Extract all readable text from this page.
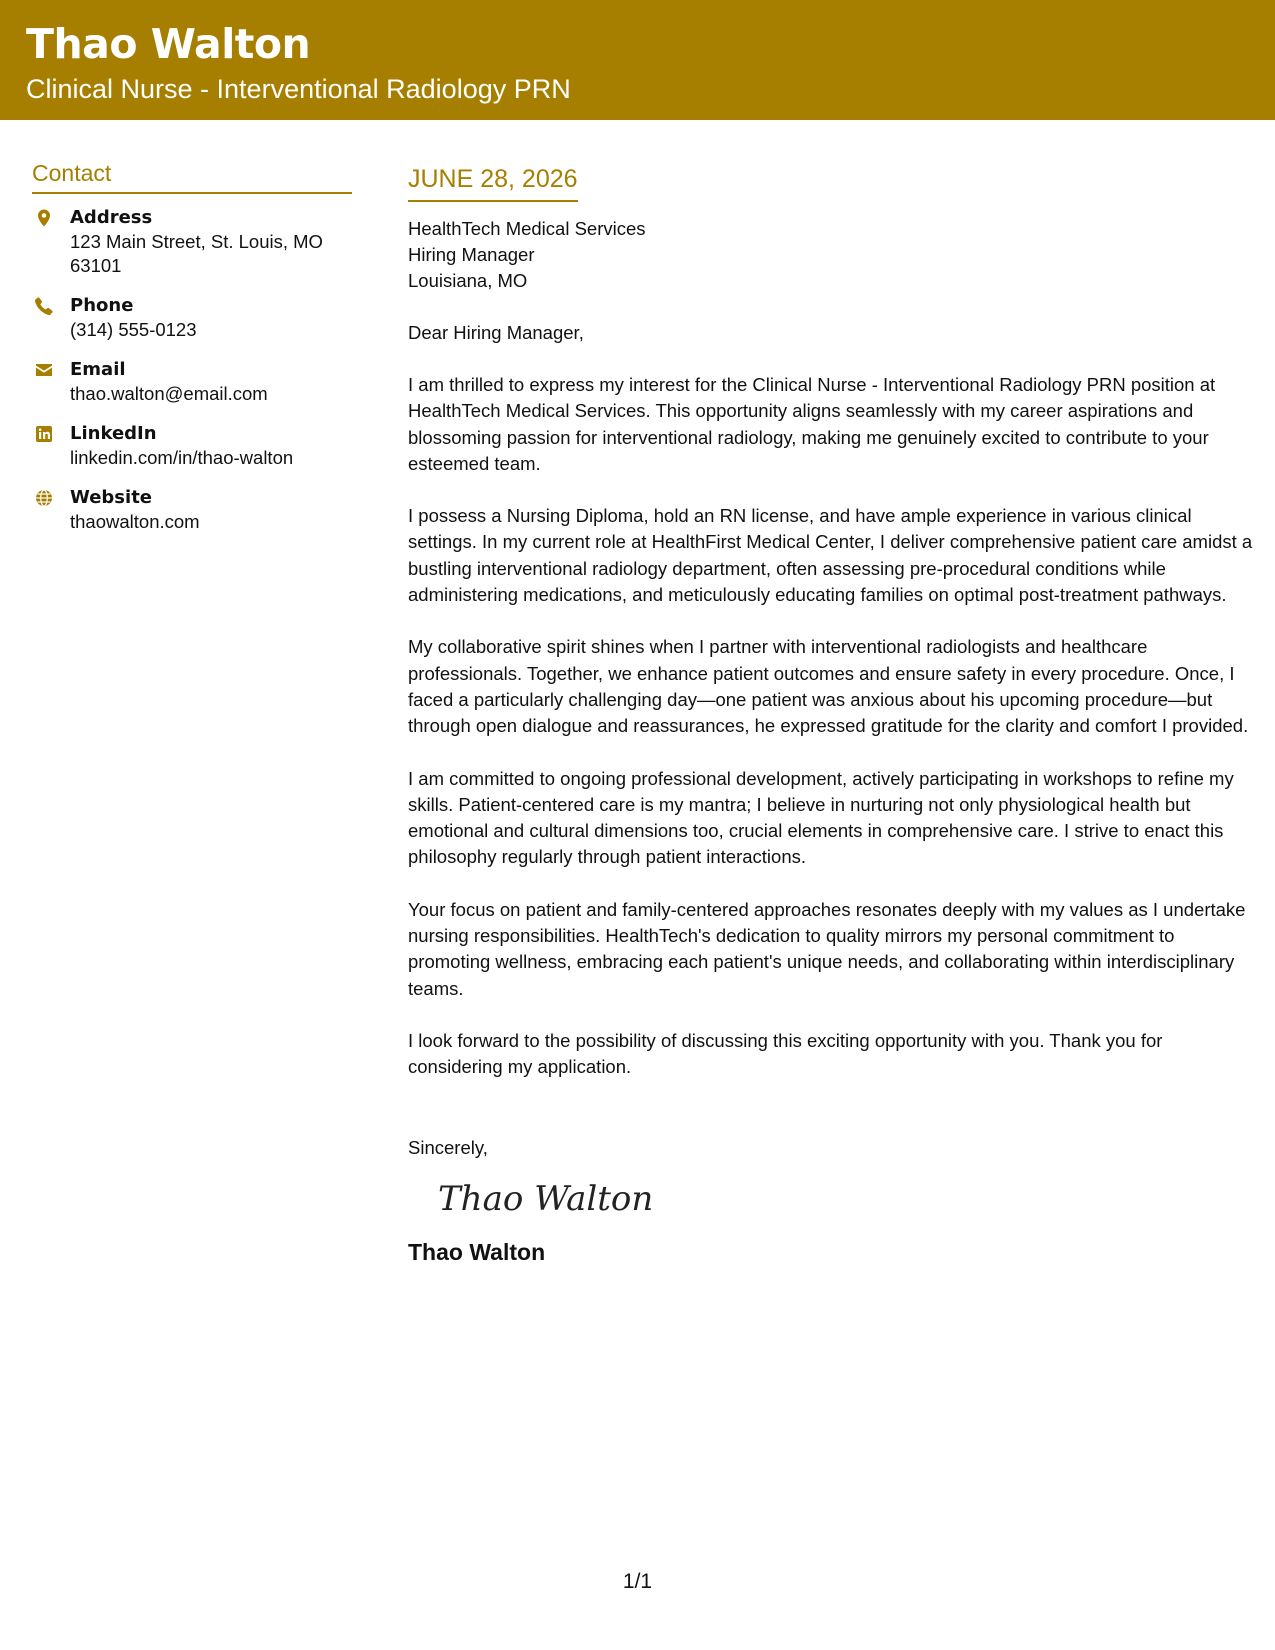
Thao Walton
Clinical Nurse - Interventional Radiology PRN
Contact
Address
123 Main Street, St. Louis, MO 63101
Phone
(314) 555-0123
Email
thao.walton@email.com
LinkedIn
linkedin.com/in/thao-walton
Website
thaowalton.com
JUNE 28, 2026
HealthTech Medical Services
Hiring Manager
Louisiana, MO
Dear Hiring Manager,
I am thrilled to express my interest for the Clinical Nurse - Interventional Radiology PRN position at HealthTech Medical Services. This opportunity aligns seamlessly with my career aspirations and blossoming passion for interventional radiology, making me genuinely excited to contribute to your esteemed team.
I possess a Nursing Diploma, hold an RN license, and have ample experience in various clinical settings. In my current role at HealthFirst Medical Center, I deliver comprehensive patient care amidst a bustling interventional radiology department, often assessing pre-procedural conditions while administering medications, and meticulously educating families on optimal post-treatment pathways.
My collaborative spirit shines when I partner with interventional radiologists and healthcare professionals. Together, we enhance patient outcomes and ensure safety in every procedure. Once, I faced a particularly challenging day—one patient was anxious about his upcoming procedure—but through open dialogue and reassurances, he expressed gratitude for the clarity and comfort I provided.
I am committed to ongoing professional development, actively participating in workshops to refine my skills. Patient-centered care is my mantra; I believe in nurturing not only physiological health but emotional and cultural dimensions too, crucial elements in comprehensive care. I strive to enact this philosophy regularly through patient interactions.
Your focus on patient and family-centered approaches resonates deeply with my values as I undertake nursing responsibilities. HealthTech's dedication to quality mirrors my personal commitment to promoting wellness, embracing each patient's unique needs, and collaborating within interdisciplinary teams.
I look forward to the possibility of discussing this exciting opportunity with you. Thank you for considering my application.
Sincerely,
Thao Walton
Thao Walton
1/1
